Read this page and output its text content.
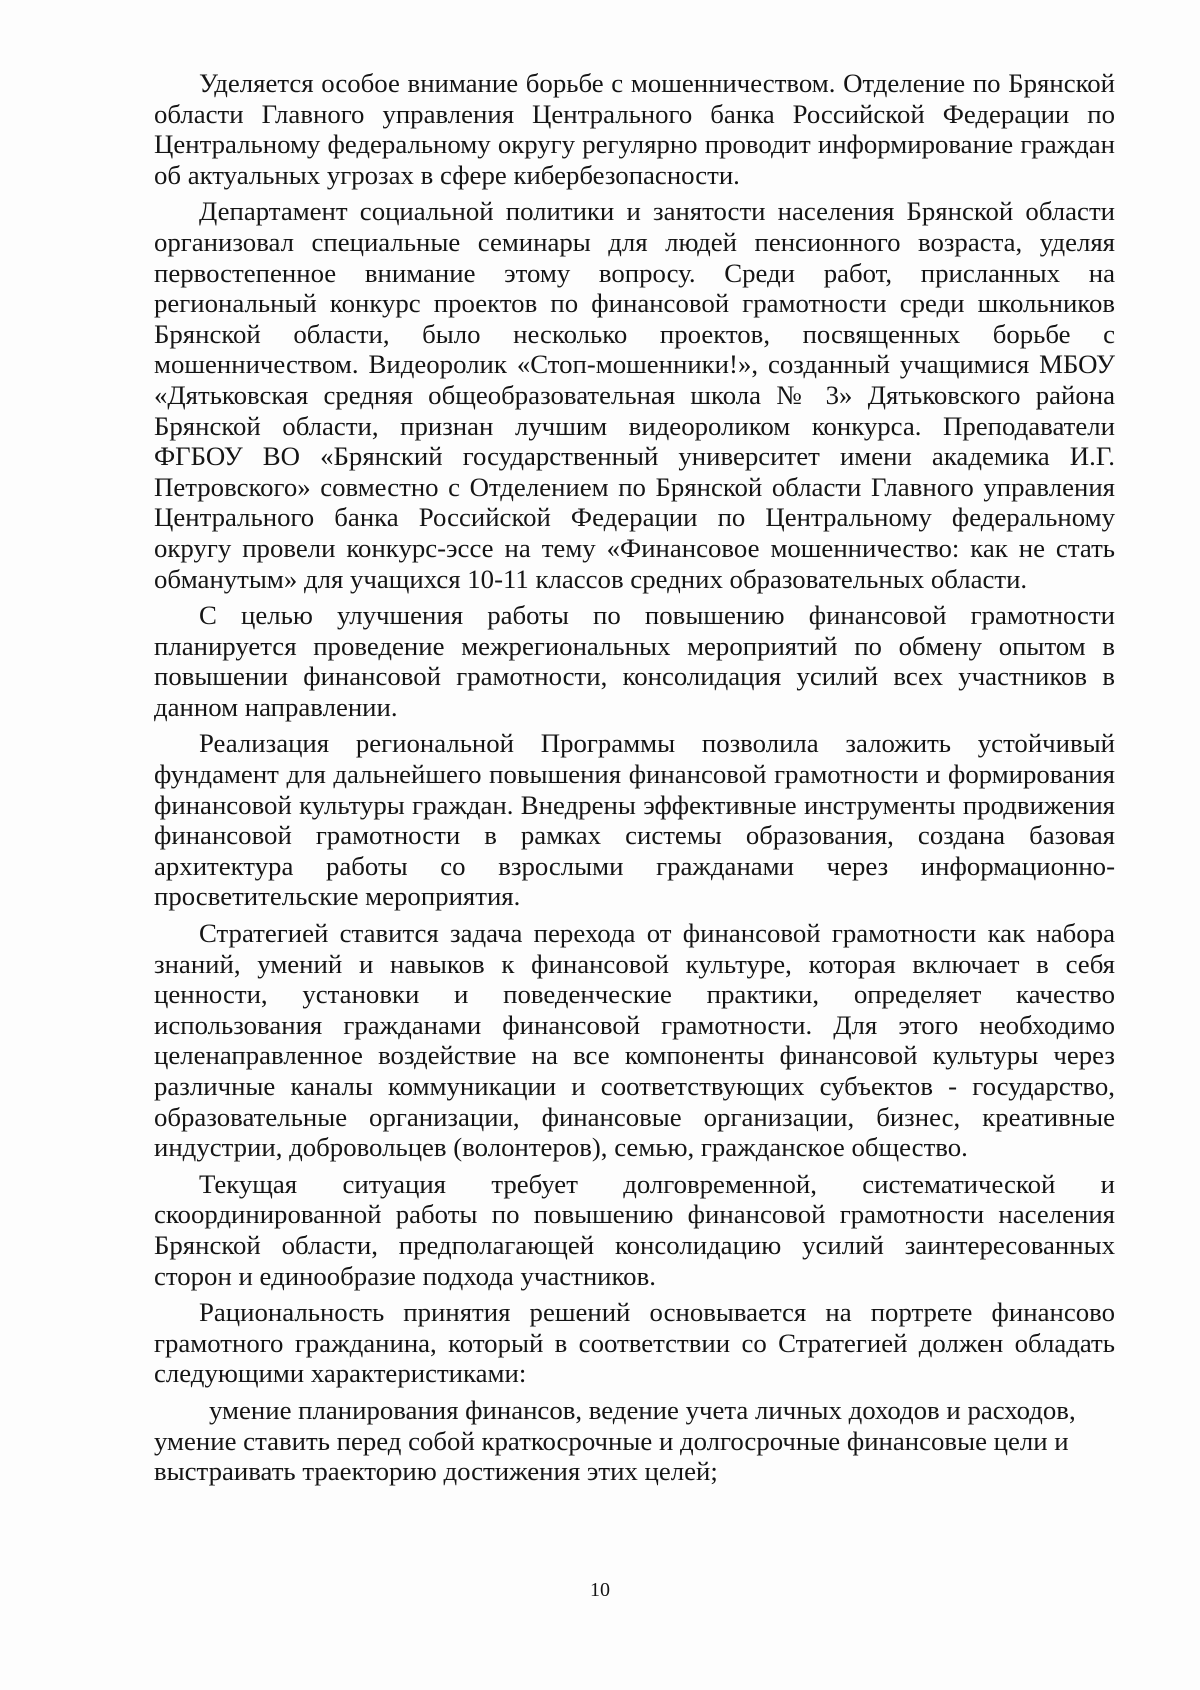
Уделяется особое внимание борьбе с мошенничеством. Отделение по Брянской области Главного управления Центрального банка Российской Федерации по Центральному федеральному округу регулярно проводит информирование граждан об актуальных угрозах в сфере кибербезопасности.

Департамент социальной политики и занятости населения Брянской области организовал специальные семинары для людей пенсионного возраста, уделяя первостепенное внимание этому вопросу. Среди работ, присланных на региональный конкурс проектов по финансовой грамотности среди школьников Брянской области, было несколько проектов, посвященных борьбе с мошенничеством. Видеоролик «Стоп-мошенники!», созданный учащимися МБОУ «Дятьковская средняя общеобразовательная школа № 3» Дятьковского района Брянской области, признан лучшим видеороликом конкурса. Преподаватели ФГБОУ ВО «Брянский государственный университет имени академика И.Г. Петровского» совместно с Отделением по Брянской области Главного управления Центрального банка Российской Федерации по Центральному федеральному округу провели конкурс-эссе на тему «Финансовое мошенничество: как не стать обманутым» для учащихся 10-11 классов средних образовательных области.

С целью улучшения работы по повышению финансовой грамотности планируется проведение межрегиональных мероприятий по обмену опытом в повышении финансовой грамотности, консолидация усилий всех участников в данном направлении.

Реализация региональной Программы позволила заложить устойчивый фундамент для дальнейшего повышения финансовой грамотности и формирования финансовой культуры граждан. Внедрены эффективные инструменты продвижения финансовой грамотности в рамках системы образования, создана базовая архитектура работы со взрослыми гражданами через информационно-просветительские мероприятия.

Стратегией ставится задача перехода от финансовой грамотности как набора знаний, умений и навыков к финансовой культуре, которая включает в себя ценности, установки и поведенческие практики, определяет качество использования гражданами финансовой грамотности. Для этого необходимо целенаправленное воздействие на все компоненты финансовой культуры через различные каналы коммуникации и соответствующих субъектов - государство, образовательные организации, финансовые организации, бизнес, креативные индустрии, добровольцев (волонтеров), семью, гражданское общество.

Текущая ситуация требует долговременной, систематической и скоординированной работы по повышению финансовой грамотности населения Брянской области, предполагающей консолидацию усилий заинтересованных сторон и единообразие подхода участников.

Рациональность принятия решений основывается на портрете финансово грамотного гражданина, который в соответствии со Стратегией должен обладать следующими характеристиками:

умение планирования финансов, ведение учета личных доходов и расходов, умение ставить перед собой краткосрочные и долгосрочные финансовые цели и выстраивать траекторию достижения этих целей;

10
